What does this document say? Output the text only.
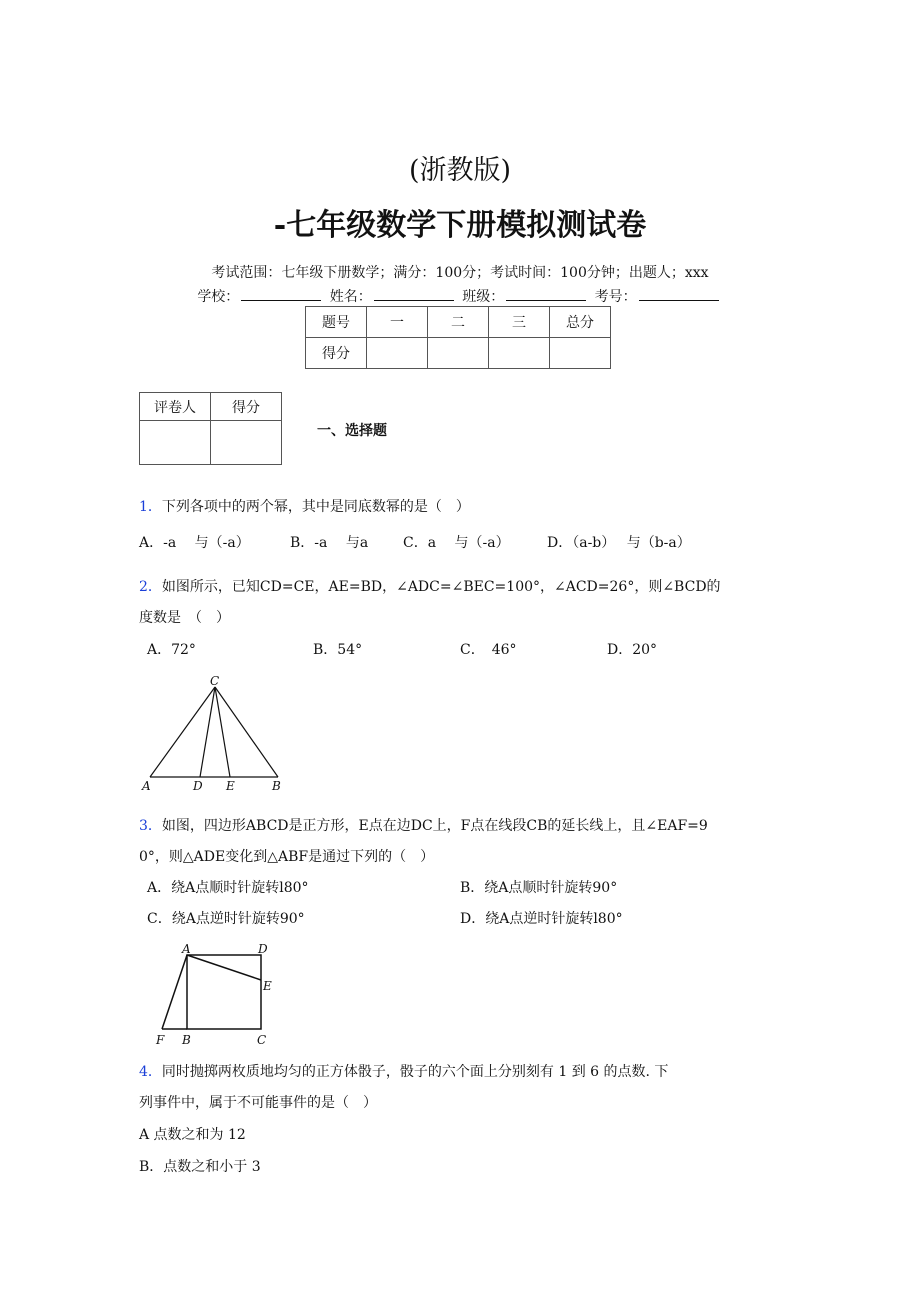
(浙教版)
-七年级数学下册模拟测试卷
考试范围：七年级下册数学；满分：100分；考试时间：100分钟；出题人；xxx
学校：	姓名：	班级：	考号：
题号	一	二	三	总分
得分				
评卷人	得分

一、选择题
1．下列各项中的两个幂，其中是同底数幂的是（　）
A．-a　 与（-a）	B．-a　 与a C．a　 与（-a）	D．（a-b）　 与（b-a）
2．如图所示，已知CD=CE，AE=BD，∠ADC=∠BEC=100°，∠ACD=26°，则∠BCD的
度数是　（　）
A．72°	B．54°	C．　46°	D．20°
C
A	D E	B
3．如图，四边形ABCD是正方形，E点在边DC上，F点在线段CB的延长线上，且∠EAF=9
0°，则△ADE变化到△ABF是通过下列的（　）
A．绕A点顺时针旋转l80°	B．绕A点顺时针旋转90°
C．绕A点逆时针旋转90°	D．绕A点逆时针旋转l80°
A	D
E
F B	C
4．同时抛掷两枚质地均匀的正方体骰子，骰子的六个面上分别刻有 1 到 6 的点数. 下
列事件中，属于不可能事件的是（　）
A 点数之和为 12
B．点数之和小于 3
